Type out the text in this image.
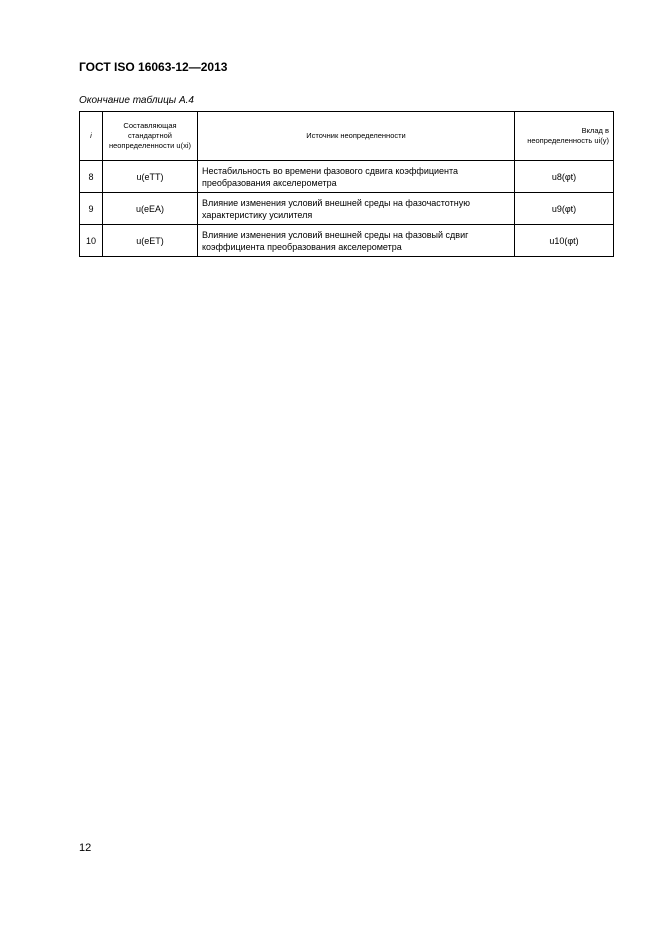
ГОСТ ISO 16063-12—2013
Окончание таблицы А.4
i	Составляющая стандартной неопределенности u(xi)	Источник неопределенности	Вклад в неопределенность ui(y)
8	u(eTT)	Нестабильность во времени фазового сдвига коэффициента преобразования акселерометра	u8(φt)
9	u(eEA)	Влияние изменения условий внешней среды на фазочастотную характеристику усилителя	u9(φt)
10	u(eET)	Влияние изменения условий внешней среды на фазовый сдвиг коэффициента преобразования акселерометра	u10(φt)
12
